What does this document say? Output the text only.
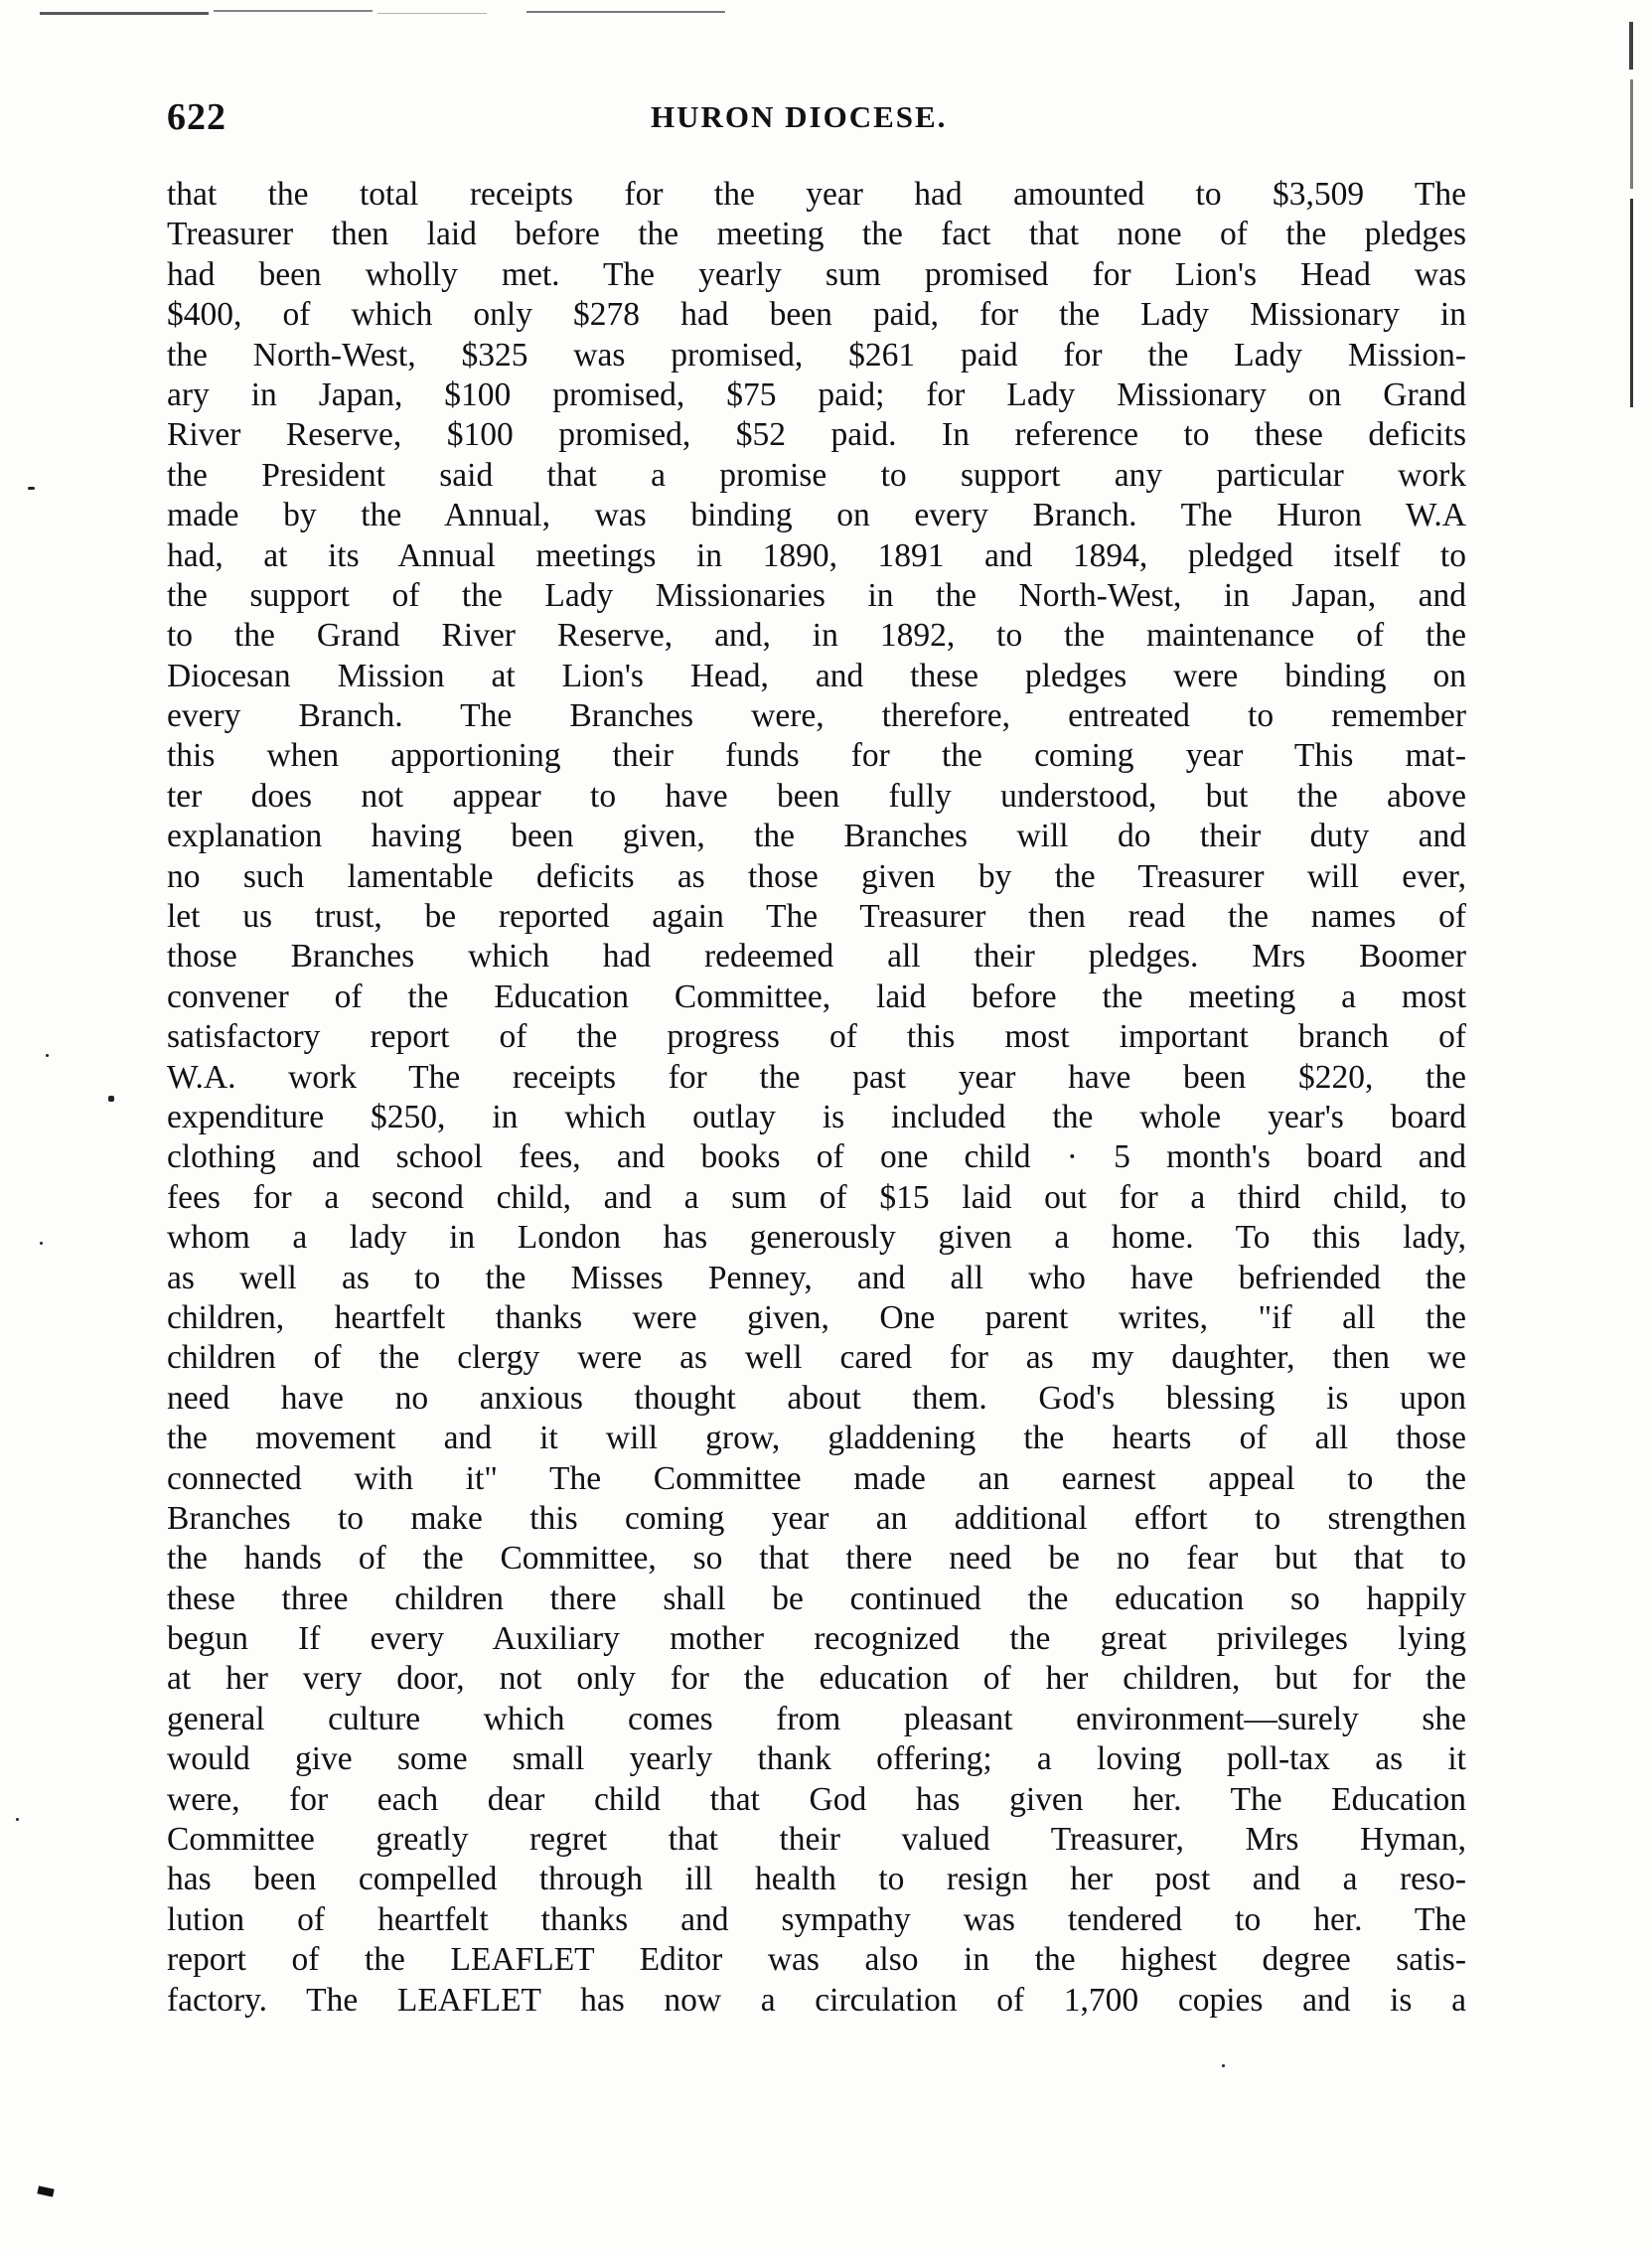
622	HURON DIOCESE.
that the total receipts for the year had amounted to $3,509 The
Treasurer then laid before the meeting the fact that none of the pledges
had been wholly met. The yearly sum promised for Lion's Head was
$400, of which only $278 had been paid, for the Lady Missionary in
the North-West, $325 was promised, $261 paid for the Lady Mission-
ary in Japan, $100 promised, $75 paid; for Lady Missionary on Grand
River Reserve, $100 promised, $52 paid. In reference to these deficits
the President said that a promise to support any particular work
made by the Annual, was binding on every Branch. The Huron W.A
had, at its Annual meetings in 1890, 1891 and 1894, pledged itself to
the support of the Lady Missionaries in the North-West, in Japan, and
to the Grand River Reserve, and, in 1892, to the maintenance of the
Diocesan Mission at Lion's Head, and these pledges were binding on
every Branch. The Branches were, therefore, entreated to remember
this when apportioning their funds for the coming year This mat-
ter does not appear to have been fully understood, but the above
explanation having been given, the Branches will do their duty and
no such lamentable deficits as those given by the Treasurer will ever,
let us trust, be reported again The Treasurer then read the names of
those Branches which had redeemed all their pledges. Mrs Boomer
convener of the Education Committee, laid before the meeting a most
satisfactory report of the progress of this most important branch of
W.A. work The receipts for the past year have been $220, the
expenditure $250, in which outlay is included the whole year's board
clothing and school fees, and books of one child · 5 month's board and
fees for a second child, and a sum of $15 laid out for a third child, to
whom a lady in London has generously given a home. To this lady,
as well as to the Misses Penney, and all who have befriended the
children, heartfelt thanks were given, One parent writes, "if all the
children of the clergy were as well cared for as my daughter, then we
need have no anxious thought about them. God's blessing is upon
the movement and it will grow, gladdening the hearts of all those
connected with it" The Committee made an earnest appeal to the
Branches to make this coming year an additional effort to strengthen
the hands of the Committee, so that there need be no fear but that to
these three children there shall be continued the education so happily
begun If every Auxiliary mother recognized the great privileges lying
at her very door, not only for the education of her children, but for the
general culture which comes from pleasant environment—surely she
would give some small yearly thank offering; a loving poll-tax as it
were, for each dear child that God has given her. The Education
Committee greatly regret that their valued Treasurer, Mrs Hyman,
has been compelled through ill health to resign her post and a reso-
lution of heartfelt thanks and sympathy was tendered to her. The
report of the LEAFLET Editor was also in the highest degree satis-
factory. The LEAFLET has now a circulation of 1,700 copies and is a
